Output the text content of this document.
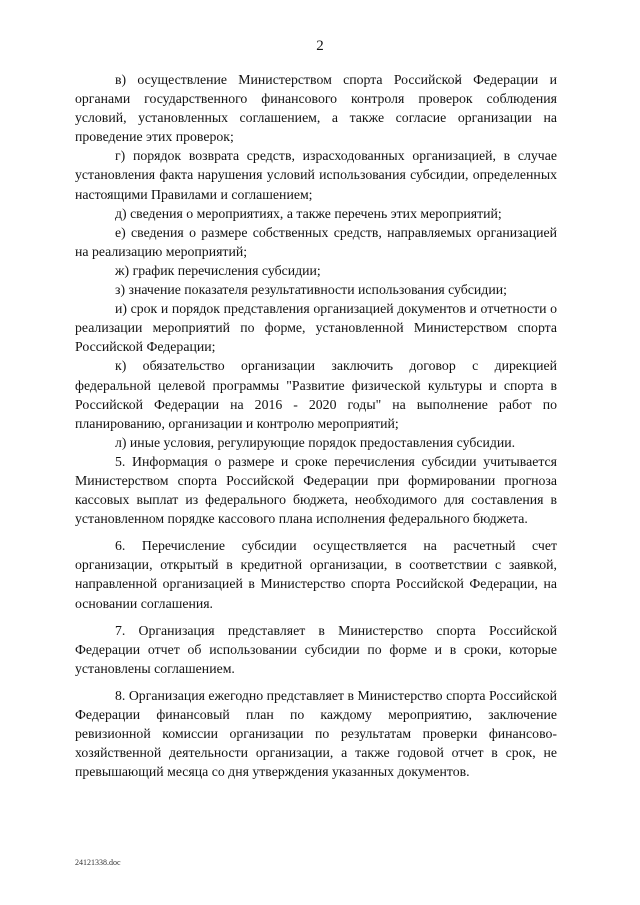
2

в) осуществление Министерством спорта Российской Федерации и органами государственного финансового контроля проверок соблюдения условий, установленных соглашением, а также согласие организации на проведение этих проверок;

г) порядок возврата средств, израсходованных организацией, в случае установления факта нарушения условий использования субсидии, определенных настоящими Правилами и соглашением;

д) сведения о мероприятиях, а также перечень этих мероприятий;

е) сведения о размере собственных средств, направляемых организацией на реализацию мероприятий;

ж) график перечисления субсидии;

з) значение показателя результативности использования субсидии;

и) срок и порядок представления организацией документов и отчетности о реализации мероприятий по форме, установленной Министерством спорта Российской Федерации;

к) обязательство организации заключить договор с дирекцией федеральной целевой программы "Развитие физической культуры и спорта в Российской Федерации на 2016 - 2020 годы" на выполнение работ по планированию, организации и контролю мероприятий;

л) иные условия, регулирующие порядок предоставления субсидии.

5. Информация о размере и сроке перечисления субсидии учитывается Министерством спорта Российской Федерации при формировании прогноза кассовых выплат из федерального бюджета, необходимого для составления в установленном порядке кассового плана исполнения федерального бюджета.

6. Перечисление субсидии осуществляется на расчетный счет организации, открытый в кредитной организации, в соответствии с заявкой, направленной организацией в Министерство спорта Российской Федерации, на основании соглашения.

7. Организация представляет в Министерство спорта Российской Федерации отчет об использовании субсидии по форме и в сроки, которые установлены соглашением.

8. Организация ежегодно представляет в Министерство спорта Российской Федерации финансовый план по каждому мероприятию, заключение ревизионной комиссии организации по результатам проверки финансово-хозяйственной деятельности организации, а также годовой отчет в срок, не превышающий месяца со дня утверждения указанных документов.

24121338.doc
